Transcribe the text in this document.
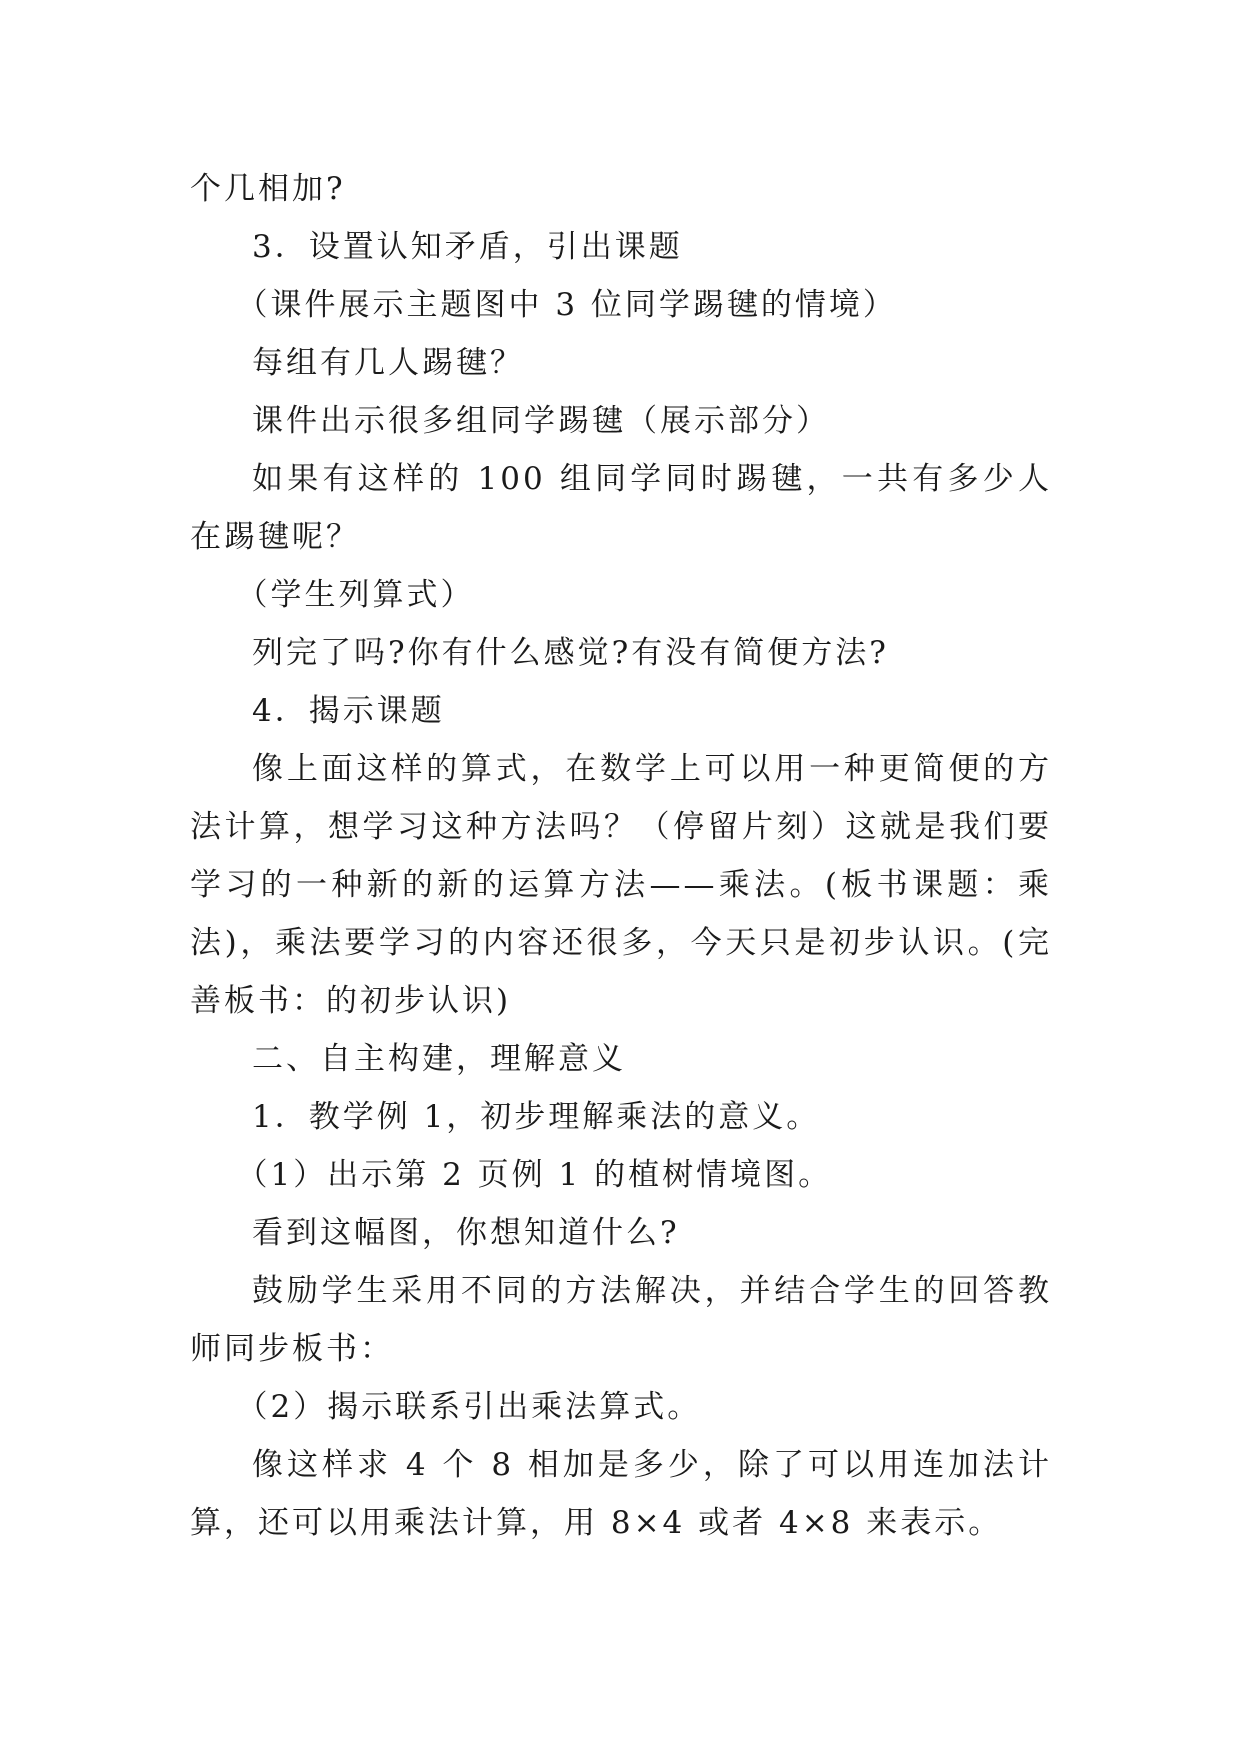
个几相加?

3．设置认知矛盾，引出课题

（课件展示主题图中 3 位同学踢毽的情境）

每组有几人踢毽？

课件出示很多组同学踢毽（展示部分）

如果有这样的 100 组同学同时踢毽，一共有多少人在踢毽呢？

（学生列算式）

列完了吗?你有什么感觉?有没有简便方法?

4．揭示课题

像上面这样的算式，在数学上可以用一种更简便的方法计算，想学习这种方法吗？（停留片刻）这就是我们要学习的一种新的新的运算方法——乘法。(板书课题：乘法)，乘法要学习的内容还很多，今天只是初步认识。(完善板书：的初步认识)

二、自主构建，理解意义

1．教学例 1，初步理解乘法的意义。

（1）出示第 2 页例 1 的植树情境图。

看到这幅图，你想知道什么?

鼓励学生采用不同的方法解决，并结合学生的回答教师同步板书：

（2）揭示联系引出乘法算式。

像这样求 4 个 8 相加是多少，除了可以用连加法计算，还可以用乘法计算，用 8×4 或者 4×8 来表示。
